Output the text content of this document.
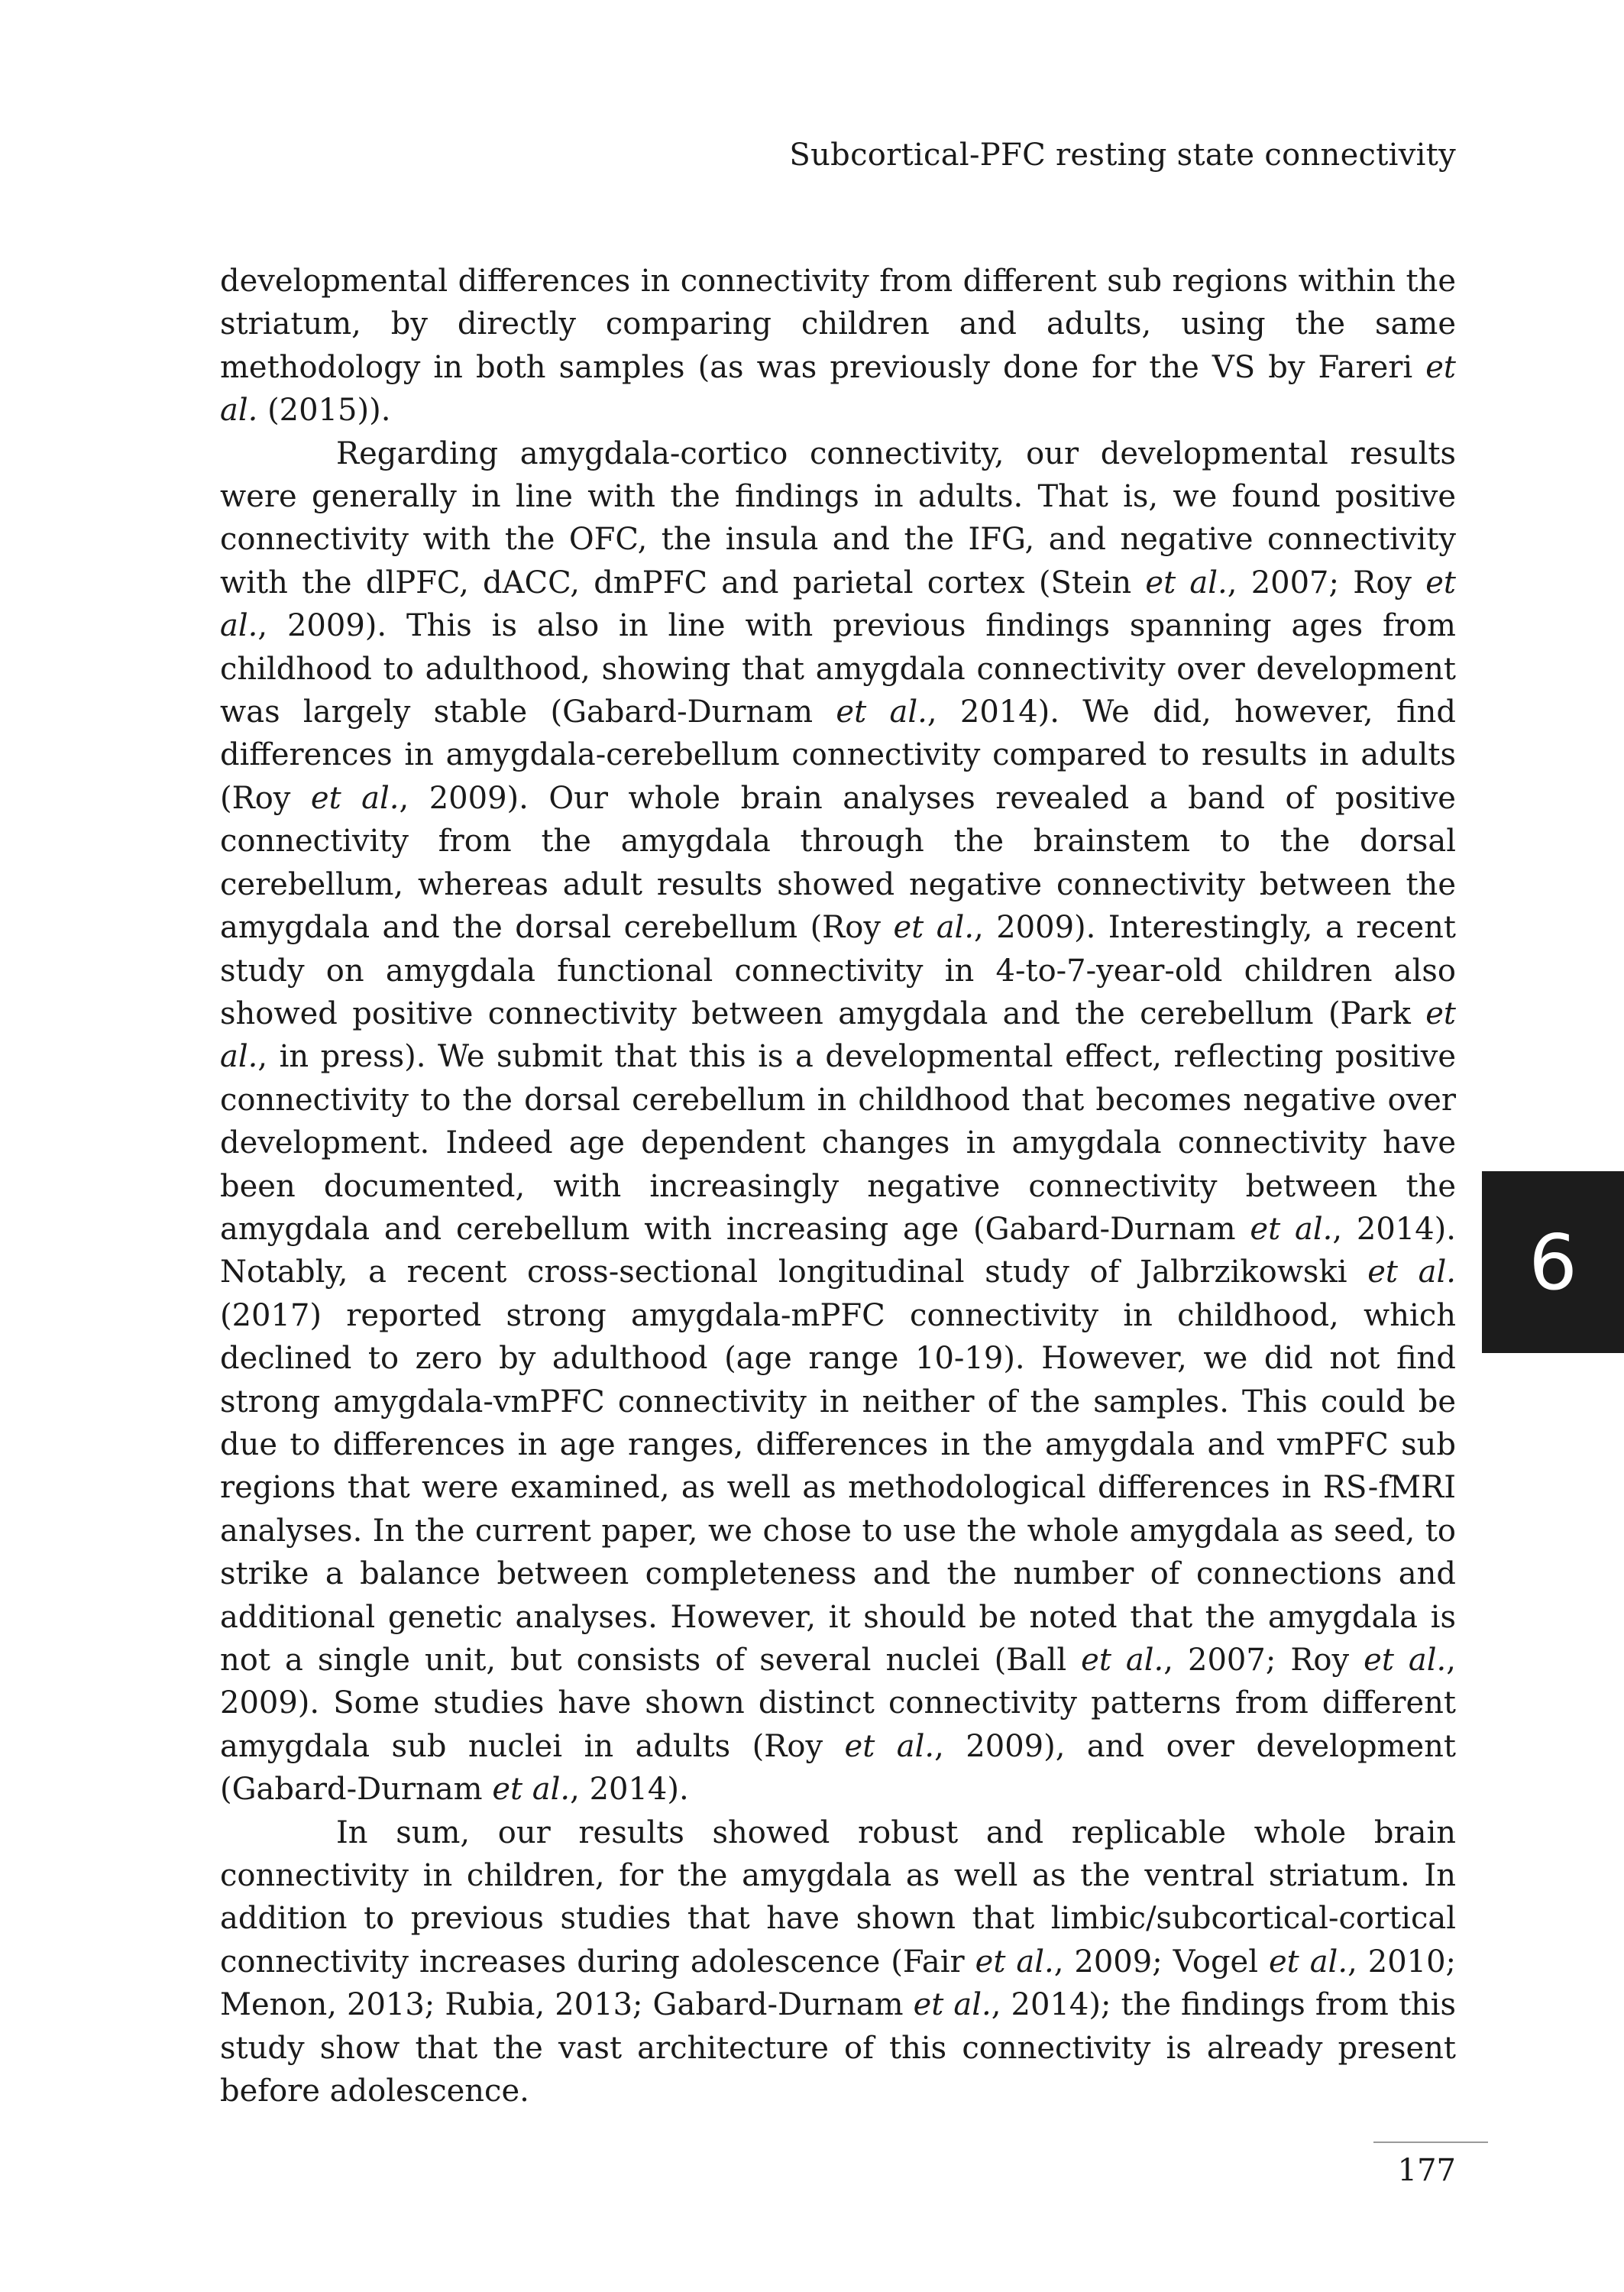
Subcortical-PFC resting state connectivity

developmental differences in connectivity from different sub regions within the striatum, by directly comparing children and adults, using the same methodology in both samples (as was previously done for the VS by Fareri et al. (2015)).

Regarding amygdala-cortico connectivity, our developmental results were generally in line with the findings in adults. That is, we found positive connectivity with the OFC, the insula and the IFG, and negative connectivity with the dlPFC, dACC, dmPFC and parietal cortex (Stein et al., 2007; Roy et al., 2009). This is also in line with previous findings spanning ages from childhood to adulthood, showing that amygdala connectivity over development was largely stable (Gabard-Durnam et al., 2014). We did, however, find differences in amygdala-cerebellum connectivity compared to results in adults (Roy et al., 2009). Our whole brain analyses revealed a band of positive connectivity from the amygdala through the brainstem to the dorsal cerebellum, whereas adult results showed negative connectivity between the amygdala and the dorsal cerebellum (Roy et al., 2009). Interestingly, a recent study on amygdala functional connectivity in 4-to-7-year-old children also showed positive connectivity between amygdala and the cerebellum (Park et al., in press). We submit that this is a developmental effect, reflecting positive connectivity to the dorsal cerebellum in childhood that becomes negative over development. Indeed age dependent changes in amygdala connectivity have been documented, with increasingly negative connectivity between the amygdala and cerebellum with increasing age (Gabard-Durnam et al., 2014). Notably, a recent cross-sectional longitudinal study of Jalbrzikowski et al. (2017) reported strong amygdala-mPFC connectivity in childhood, which declined to zero by adulthood (age range 10-​19). However, we did not find strong amygdala-vmPFC connectivity in neither of the samples. This could be due to differences in age ranges, differences in the amygdala and vmPFC sub regions that were examined, as well as methodological differences in RS-fMRI analyses. In the current paper, we chose to use the whole amygdala as seed, to strike a balance between completeness and the number of connections and additional genetic analyses. However, it should be noted that the amygdala is not a single unit, but consists of several nuclei (Ball et al., 2007; Roy et al., 2009). Some studies have shown distinct connectivity patterns from different amygdala sub nuclei in adults (Roy et al., 2009), and over development (Gabard-Durnam et al., 2014).

In sum, our results showed robust and replicable whole brain connectivity in children, for the amygdala as well as the ventral striatum. In addition to previous studies that have shown that limbic/subcortical-cortical connectivity increases during adolescence (Fair et al., 2009; Vogel et al., 2010; Menon, 2013; Rubia, 2013; Gabard-Durnam et al., 2014); the findings from this study show that the vast architecture of this connectivity is already present before adolescence.

6
177
